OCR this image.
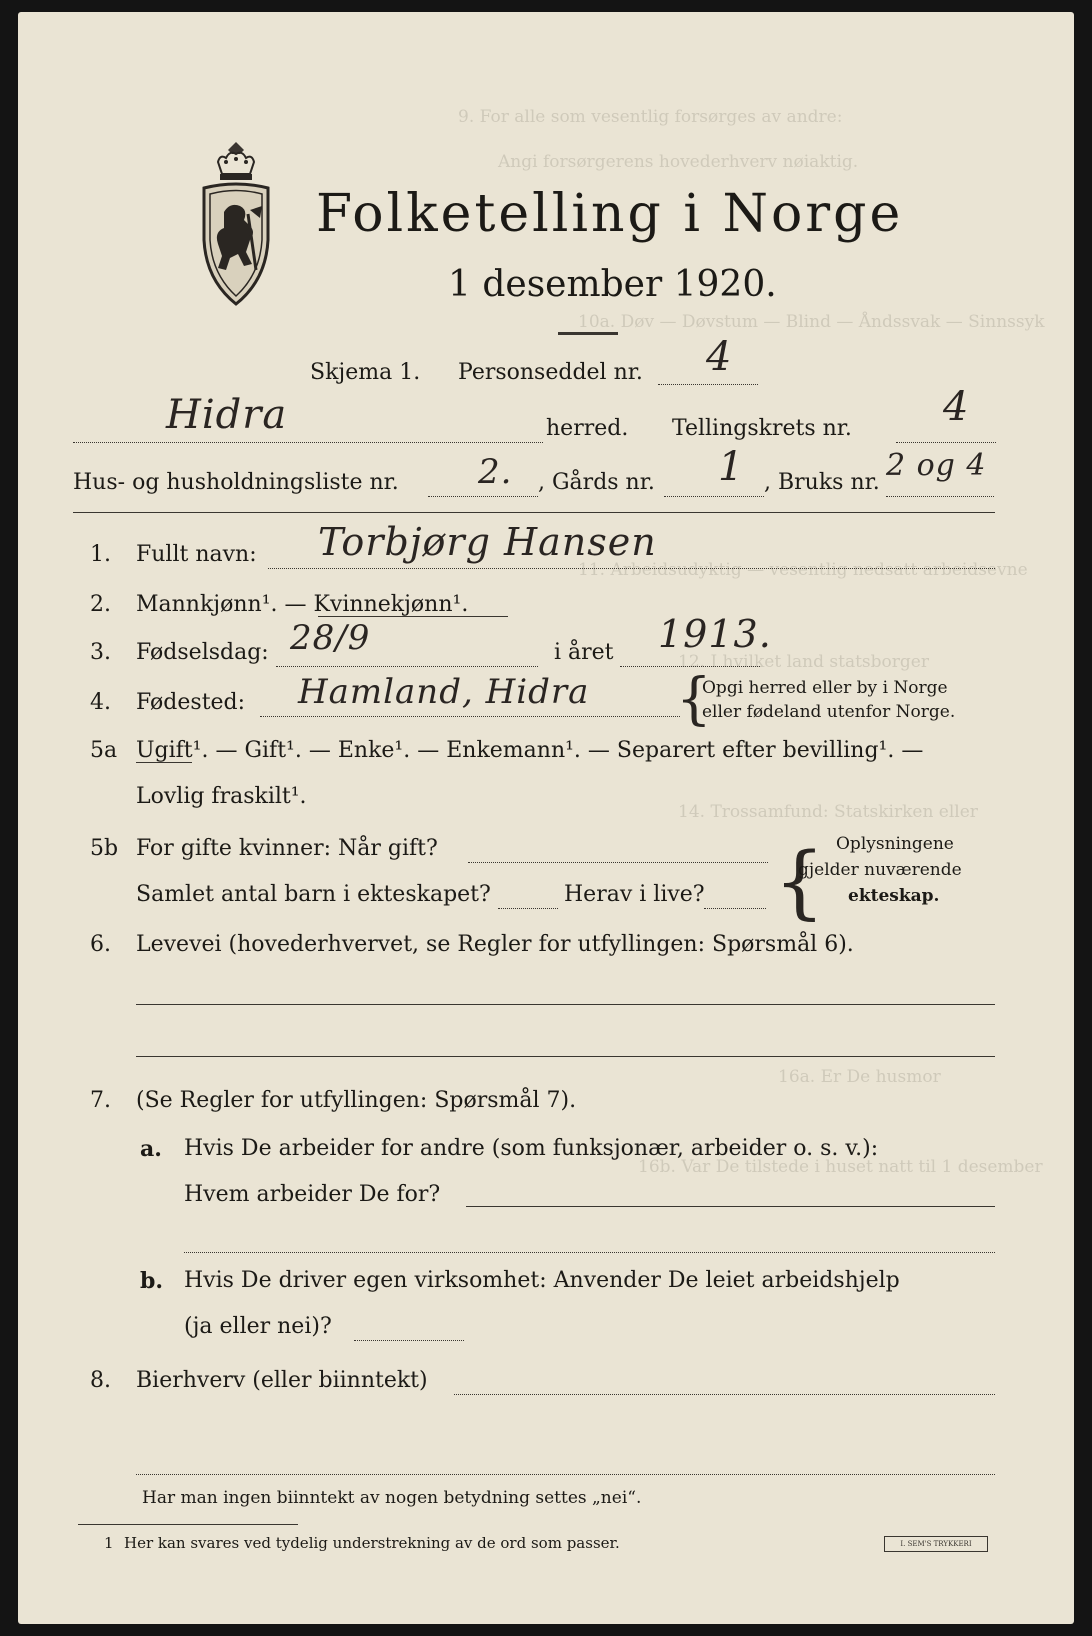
9. For alle som vesentlig forsørges av andre:
Angi forsørgerens hovederhverv nøiaktig.
10a. Døv — Døvstum — Blind — Åndssvak — Sinnssyk
11. Arbeidsudyktig — vesentlig nedsatt arbeidsevne
12. I hvilket land statsborger
14. Trossamfund: Statskirken eller
16a. Er De husmor
16b. Var De tilstede i huset natt til 1 desember
Folketelling i Norge
1 desember 1920.
Skjema 1. Personseddel nr. 4
Hidra	herred. Tellingskrets nr. 4
Hus- og husholdningsliste nr. 2. , Gårds nr. 1 , Bruks nr. 2 og 4
1. Fullt navn: Torbjørg Hansen
2. Mannkjønn¹. — Kvinnekjønn¹.
3. Fødselsdag: 28/9	i året 1913.
4. Fødested: Hamland, Hidra {
Opgi herred eller by i Norge
eller fødeland utenfor Norge.
5a Ugift¹. — Gift¹. — Enke¹. — Enkemann¹. — Separert efter bevilling¹. —
Lovlig fraskilt¹.
5b For gifte kvinner: Når gift?
Samlet antal barn i ekteskapet?	Herav i live? { Oplysningene
gjelder nuværende
ekteskap.
6. Levevei (hovederhvervet, se Regler for utfyllingen: Spørsmål 6).
7. (Se Regler for utfyllingen: Spørsmål 7).
a. Hvis De arbeider for andre (som funksjonær, arbeider o. s. v.):
Hvem arbeider De for?
b. Hvis De driver egen virksomhet: Anvender De leiet arbeidshjelp
(ja eller nei)?
8. Bierhverv (eller biinntekt)
Har man ingen biinntekt av nogen betydning settes „nei“.
1 Her kan svares ved tydelig understrekning av de ord som passer.	I. SEM'S TRYKKERI
